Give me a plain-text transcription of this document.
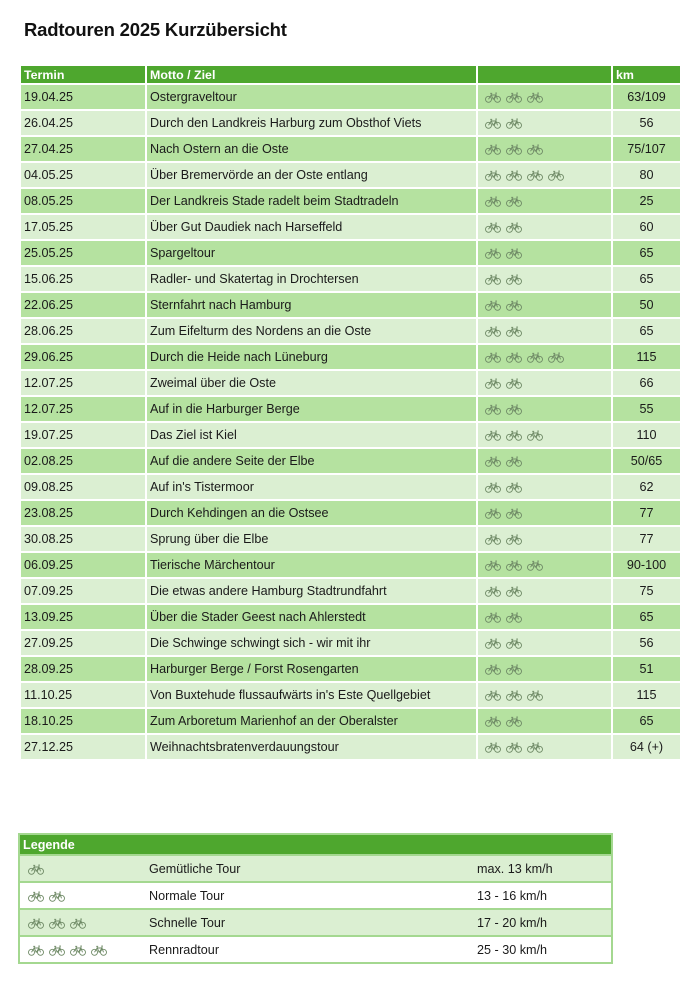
Radtouren 2025 Kurzübersicht
Termin	Motto / Ziel		km
19.04.25	Ostergraveltour		63/109
26.04.25	Durch den Landkreis Harburg zum Obsthof Viets		56
27.04.25	Nach Ostern an die Oste		75/107
04.05.25	Über Bremervörde an der Oste entlang		80
08.05.25	Der Landkreis Stade radelt beim Stadtradeln		25
17.05.25	Über Gut Daudiek nach Harseffeld		60
25.05.25	Spargeltour		65
15.06.25	Radler- und Skatertag in Drochtersen		65
22.06.25	Sternfahrt nach Hamburg		50
28.06.25	Zum Eifelturm des Nordens an die Oste		65
29.06.25	Durch die Heide nach Lüneburg		115
12.07.25	Zweimal über die Oste		66
12.07.25	Auf in die Harburger Berge		55
19.07.25	Das Ziel ist Kiel		110
02.08.25	Auf die andere Seite der Elbe		50/65
09.08.25	Auf in's Tistermoor		62
23.08.25	Durch Kehdingen an die Ostsee		77
30.08.25	Sprung über die Elbe		77
06.09.25	Tierische Märchentour		90-100
07.09.25	Die etwas andere Hamburg Stadtrundfahrt		75
13.09.25	Über die Stader Geest nach Ahlerstedt		65
27.09.25	Die Schwinge schwingt sich - wir mit ihr		56
28.09.25	Harburger Berge / Forst Rosengarten		51
11.10.25	Von Buxtehude flussaufwärts in's Este Quellgebiet		115
18.10.25	Zum Arboretum Marienhof an der Oberalster		65
27.12.25	Weihnachtsbratenverdauungstour		64 (+)
Legende		

	Gemütliche Tour	max. 13 km/h

	Normale Tour	13 - 16 km/h

	Schnelle Tour	17 - 20 km/h

	Rennradtour	25 - 30 km/h
